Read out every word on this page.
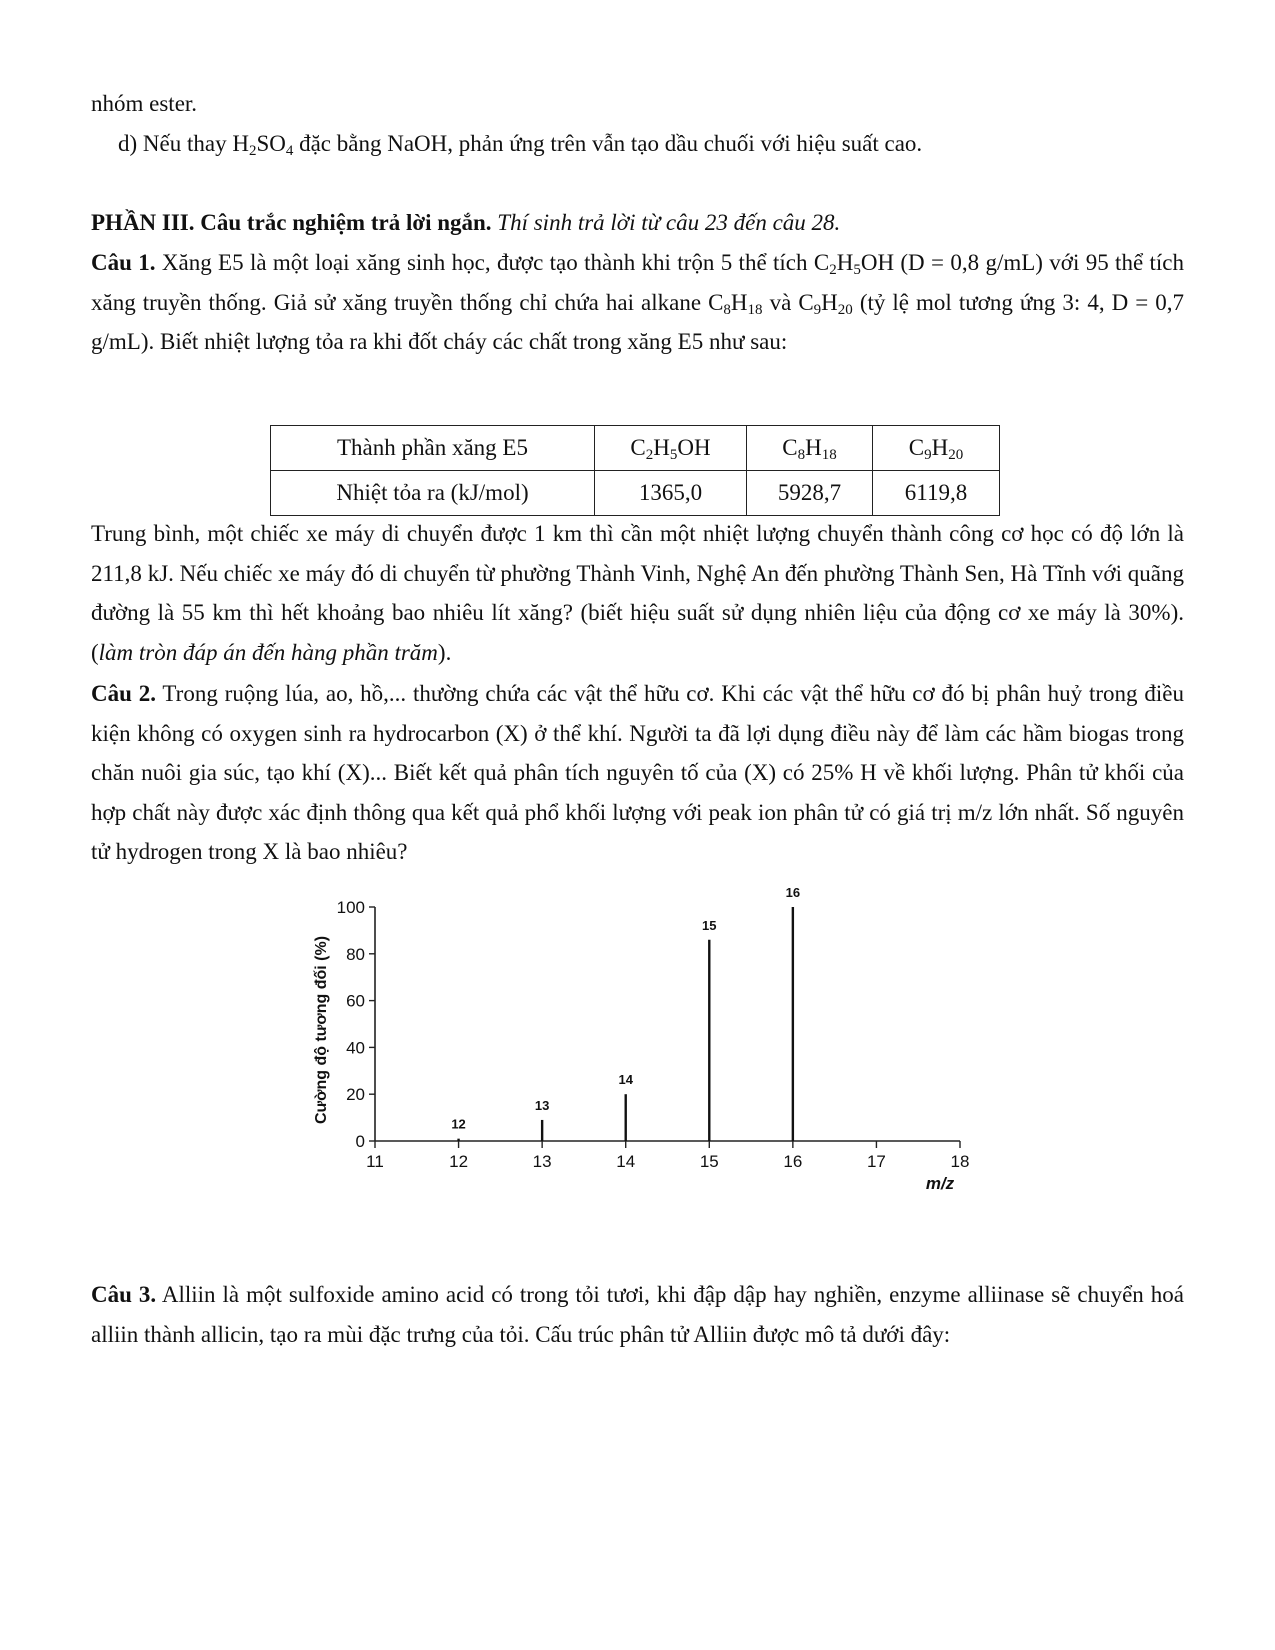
nhóm ester.

d) Nếu thay $H_2SO_4$ đặc bằng NaOH, phản ứng trên vẫn tạo dầu chuối với hiệu suất cao.

PHẦN III. Câu trắc nghiệm trả lời ngắn. Thí sinh trả lời từ câu 23 đến câu 28.

Câu 1. Xăng E5 là một loại xăng sinh học, được tạo thành khi trộn 5 thể tích $C_2H_5OH$ (D = 0,8 g/mL) với 95 thể tích xăng truyền thống. Giả sử xăng truyền thống chỉ chứa hai alkane $C_8H_{18}$ và $C_9H_{20}$ (tỷ lệ mol tương ứng 3: 4, D = 0,7 g/mL). Biết nhiệt lượng tỏa ra khi đốt cháy các chất trong xăng E5 như sau:

Thành phần xăng E5	$C_2H_5OH$	$C_8H_{18}$	$C_9H_{20}$
Nhiệt tỏa ra (kJ/mol)	1365,0	5928,7	6119,8

Trung bình, một chiếc xe máy di chuyển được 1 km thì cần một nhiệt lượng chuyển thành công cơ học có độ lớn là 211,8 kJ. Nếu chiếc xe máy đó di chuyển từ phường Thành Vinh, Nghệ An đến phường Thành Sen, Hà Tĩnh với quãng đường là 55 km thì hết khoảng bao nhiêu lít xăng? (biết hiệu suất sử dụng nhiên liệu của động cơ xe máy là 30%). (làm tròn đáp án đến hàng phần trăm).

Câu 2. Trong ruộng lúa, ao, hồ,... thường chứa các vật thể hữu cơ. Khi các vật thể hữu cơ đó bị phân huỷ trong điều kiện không có oxygen sinh ra hydrocarbon (X) ở thể khí. Người ta đã lợi dụng điều này để làm các hầm biogas trong chăn nuôi gia súc, tạo khí (X)... Biết kết quả phân tích nguyên tố của (X) có 25% H về khối lượng. Phân tử khối của hợp chất này được xác định thông qua kết quả phổ khối lượng với peak ion phân tử có giá trị m/z lớn nhất. Số nguyên tử hydrogen trong X là bao nhiêu?

0
20
40
60
80
100
11	12	13	14	15	16	17	18
12
13
14
15
16
m/z
Cường độ tương đối (%)

Câu 3. Alliin là một sulfoxide amino acid có trong tỏi tươi, khi đập dập hay nghiền, enzyme alliinase sẽ chuyển hoá alliin thành allicin, tạo ra mùi đặc trưng của tỏi. Cấu trúc phân tử Alliin được mô tả dưới đây:
